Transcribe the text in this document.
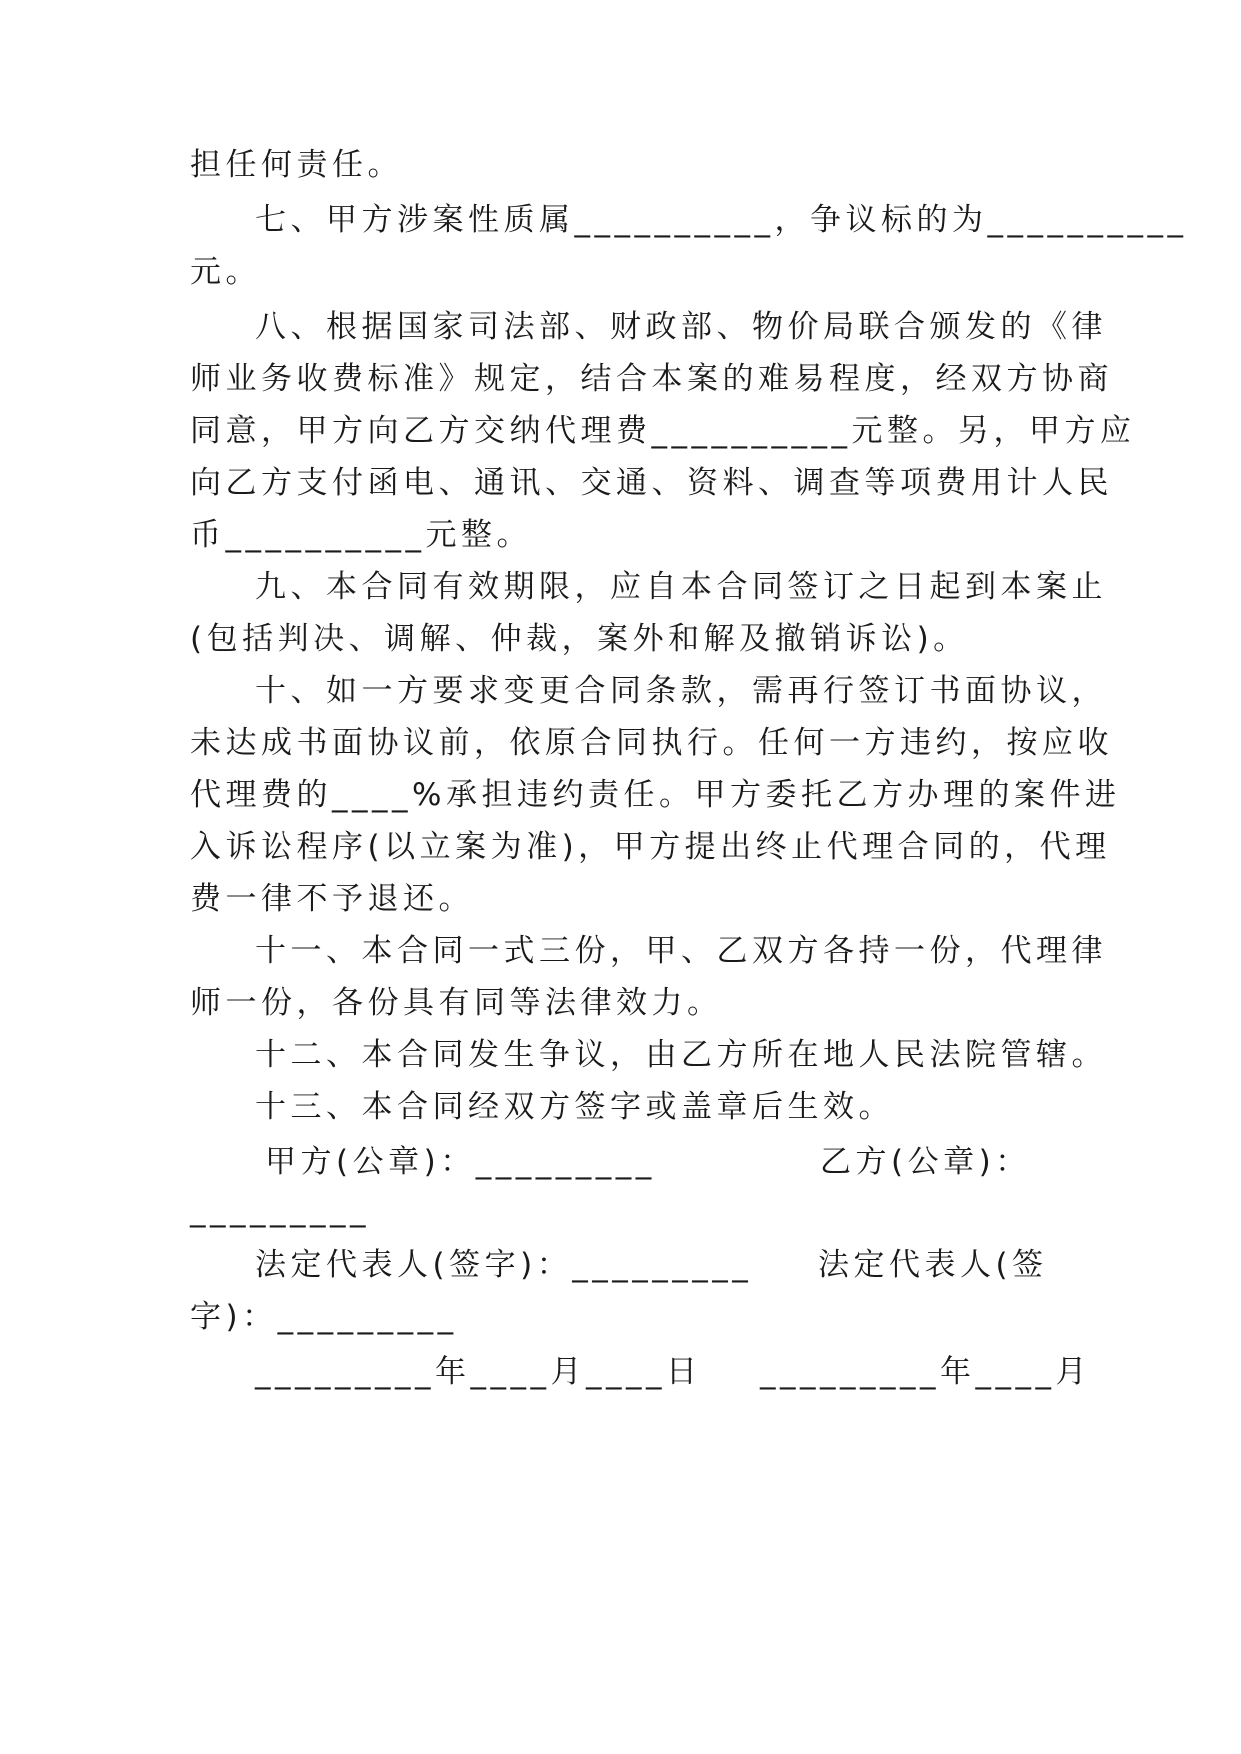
担任何责任。

七、甲方涉案性质属__________，争议标的为__________

元。

八、根据国家司法部、财政部、物价局联合颁发的《律

师业务收费标准》规定，结合本案的难易程度，经双方协商

同意，甲方向乙方交纳代理费__________元整。另，甲方应

向乙方支付函电、通讯、交通、资料、调查等项费用计人民

币__________元整。

九、本合同有效期限，应自本合同签订之日起到本案止

(包括判决、调解、仲裁，案外和解及撤销诉讼)。

十、如一方要求变更合同条款，需再行签订书面协议，

未达成书面协议前，依原合同执行。任何一方违约，按应收

代理费的____%承担违约责任。甲方委托乙方办理的案件进

入诉讼程序(以立案为准)，甲方提出终止代理合同的，代理

费一律不予退还。

十一、本合同一式三份，甲、乙双方各持一份，代理律

师一份，各份具有同等法律效力。

十二、本合同发生争议，由乙方所在地人民法院管辖。

十三、本合同经双方签字或盖章后生效。

甲方(公章)：_________	乙方(公章)：
_________
法定代表人(签字)：_________ 法定代表人(签
字)：_________
_________年____月____日 _________年____月
